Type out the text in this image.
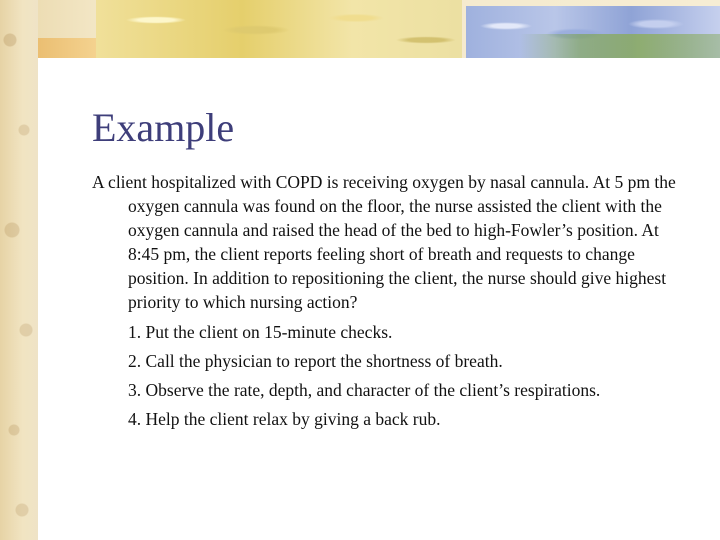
Example

A client hospitalized with COPD is receiving oxygen by nasal cannula. At 5 pm the oxygen cannula was found on the floor, the nurse assisted the client with the oxygen cannula and raised the head of the bed to high-Fowler’s position. At 8:45 pm, the client reports feeling short of breath and requests to change position. In addition to repositioning the client, the nurse should give highest priority to which nursing action?

1. Put the client on 15-minute checks.
2. Call the physician to report the shortness of breath.
3. Observe the rate, depth, and character of the client’s respirations.
4. Help the client relax by giving a back rub.
